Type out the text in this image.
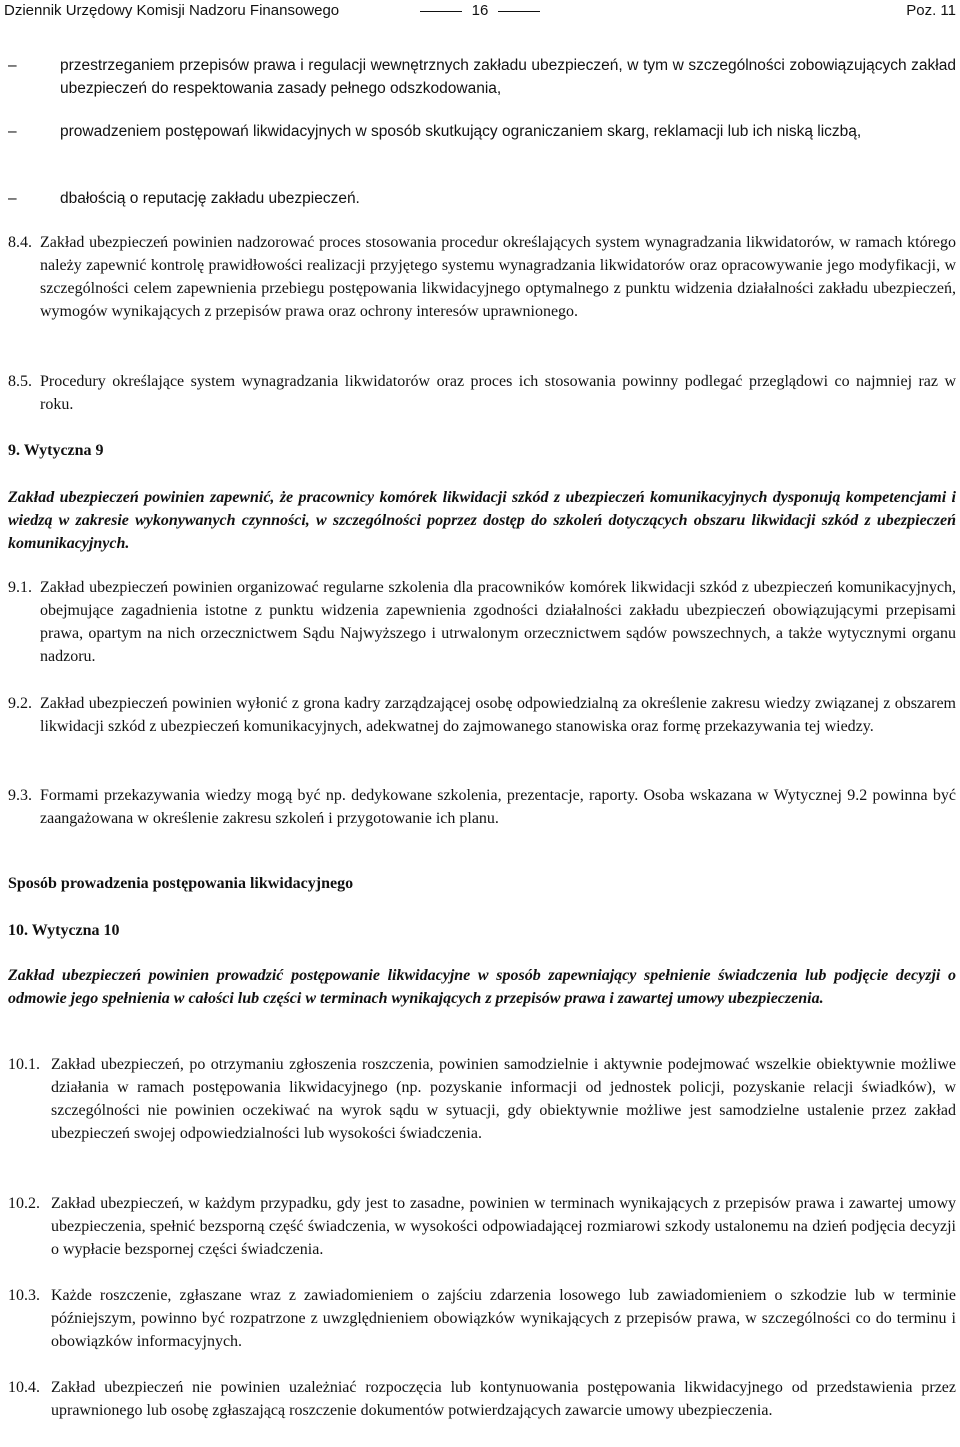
Dziennik Urzędowy Komisji Nadzoru Finansowego	16	Poz. 11
–	przestrzeganiem przepisów prawa i regulacji wewnętrznych zakładu ubezpieczeń, w tym w szczególności zobowiązujących zakład ubezpieczeń do respektowania zasady pełnego odszkodowania,
–	prowadzeniem postępowań likwidacyjnych w sposób skutkujący ograniczaniem skarg, reklamacji lub ich niską liczbą,
–	dbałością o reputację zakładu ubezpieczeń.
8.4. Zakład ubezpieczeń powinien nadzorować proces stosowania procedur określających system wynagradzania likwidatorów, w ramach którego należy zapewnić kontrolę prawidłowości realizacji przyjętego systemu wynagradzania likwidatorów oraz opracowywanie jego modyfikacji, w szczególności celem zapewnienia przebiegu postępowania likwidacyjnego optymalnego z punktu widzenia działalności zakładu ubezpieczeń, wymogów wynikających z przepisów prawa oraz ochrony interesów uprawnionego.
8.5. Procedury określające system wynagradzania likwidatorów oraz proces ich stosowania powinny podlegać przeglądowi co najmniej raz w roku.
9. Wytyczna 9
Zakład ubezpieczeń powinien zapewnić, że pracownicy komórek likwidacji szkód z ubezpieczeń komunikacyjnych dysponują kompetencjami i wiedzą w zakresie wykonywanych czynności, w szczególności poprzez dostęp do szkoleń dotyczących obszaru likwidacji szkód z ubezpieczeń komunikacyjnych.
9.1. Zakład ubezpieczeń powinien organizować regularne szkolenia dla pracowników komórek likwidacji szkód z ubezpieczeń komunikacyjnych, obejmujące zagadnienia istotne z punktu widzenia zapewnienia zgodności działalności zakładu ubezpieczeń obowiązującymi przepisami prawa, opartym na nich orzecznictwem Sądu Najwyższego i utrwalonym orzecznictwem sądów powszechnych, a także wytycznymi organu nadzoru.
9.2. Zakład ubezpieczeń powinien wyłonić z grona kadry zarządzającej osobę odpowiedzialną za określenie zakresu wiedzy związanej z obszarem likwidacji szkód z ubezpieczeń komunikacyjnych, adekwatnej do zajmowanego stanowiska oraz formę przekazywania tej wiedzy.
9.3. Formami przekazywania wiedzy mogą być np. dedykowane szkolenia, prezentacje, raporty. Osoba wskazana w Wytycznej 9.2 powinna być zaangażowana w określenie zakresu szkoleń i przygotowanie ich planu.
Sposób prowadzenia postępowania likwidacyjnego
10. Wytyczna 10
Zakład ubezpieczeń powinien prowadzić postępowanie likwidacyjne w sposób zapewniający spełnienie świadczenia lub podjęcie decyzji o odmowie jego spełnienia w całości lub części w terminach wynikających z przepisów prawa i zawartej umowy ubezpieczenia.
10.1. Zakład ubezpieczeń, po otrzymaniu zgłoszenia roszczenia, powinien samodzielnie i aktywnie podejmować wszelkie obiektywnie możliwe działania w ramach postępowania likwidacyjnego (np. pozyskanie informacji od jednostek policji, pozyskanie relacji świadków), w szczególności nie powinien oczekiwać na wyrok sądu w sytuacji, gdy obiektywnie możliwe jest samodzielne ustalenie przez zakład ubezpieczeń swojej odpowiedzialności lub wysokości świadczenia.
10.2. Zakład ubezpieczeń, w każdym przypadku, gdy jest to zasadne, powinien w terminach wynikających z przepisów prawa i zawartej umowy ubezpieczenia, spełnić bezsporną część świadczenia, w wysokości odpowiadającej rozmiarowi szkody ustalonemu na dzień podjęcia decyzji o wypłacie bezspornej części świadczenia.
10.3. Każde roszczenie, zgłaszane wraz z zawiadomieniem o zajściu zdarzenia losowego lub zawiadomieniem o szkodzie lub w terminie późniejszym, powinno być rozpatrzone z uwzględnieniem obowiązków wynikających z przepisów prawa, w szczególności co do terminu i obowiązków informacyjnych.
10.4. Zakład ubezpieczeń nie powinien uzależniać rozpoczęcia lub kontynuowania postępowania likwidacyjnego od przedstawienia przez uprawnionego lub osobę zgłaszającą roszczenie dokumentów potwierdzających zawarcie umowy ubezpieczenia.
